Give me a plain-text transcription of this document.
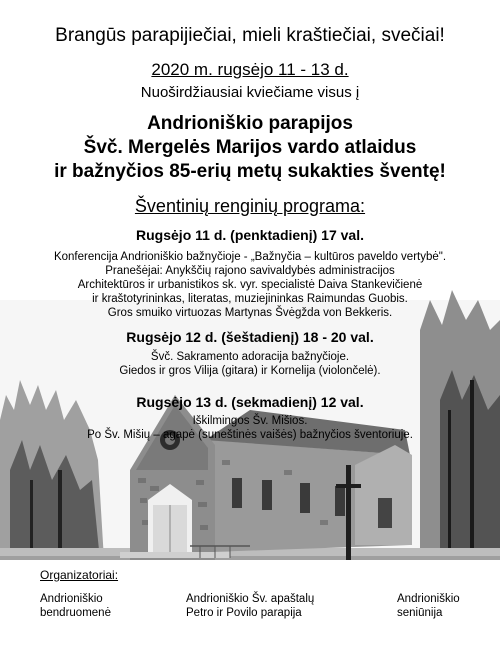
Brangūs parapijiečiai, mieli kraštiečiai, svečiai!
2020 m. rugsėjo 11 - 13 d.
Nuoširdžiausiai kviečiame visus į
Andrioniškio parapijos
Švč. Mergelės Marijos vardo atlaidus
ir bažnyčios 85-erių metų sukakties šventę!
Šventinių renginių programa:
Rugsėjo 11 d. (penktadienį) 17 val.
Konferencija Andrioniškio bažnyčioje - „Bažnyčia – kultūros paveldo vertybė".
Pranešėjai: Anykščių rajono savivaldybės administracijos
Architektūros ir urbanistikos sk. vyr. specialistė Daiva Stankevičienė
ir kraštotyrininkas, literatas, muziejininkas Raimundas Guobis.
Gros smuiko virtuozas Martynas Švėgžda von Bekkeris.
Rugsėjo 12 d. (šeštadienį) 18 - 20 val.
Švč. Sakramento adoracija bažnyčioje.
Giedos ir gros Vilija (gitara) ir Kornelija (violončelė).
Rugsėjo 13 d. (sekmadienį) 12 val.
Iškilmingos Šv. Mišios.
Po Šv. Mišių – agapė (suneštinės vaišės) bažnyčios šventoriuje.
Organizatoriai:
Andrioniškio
bendruomenė
Andrioniškio Šv. apaštalų
Petro ir Povilo parapija
Andrioniškio
seniūnija
